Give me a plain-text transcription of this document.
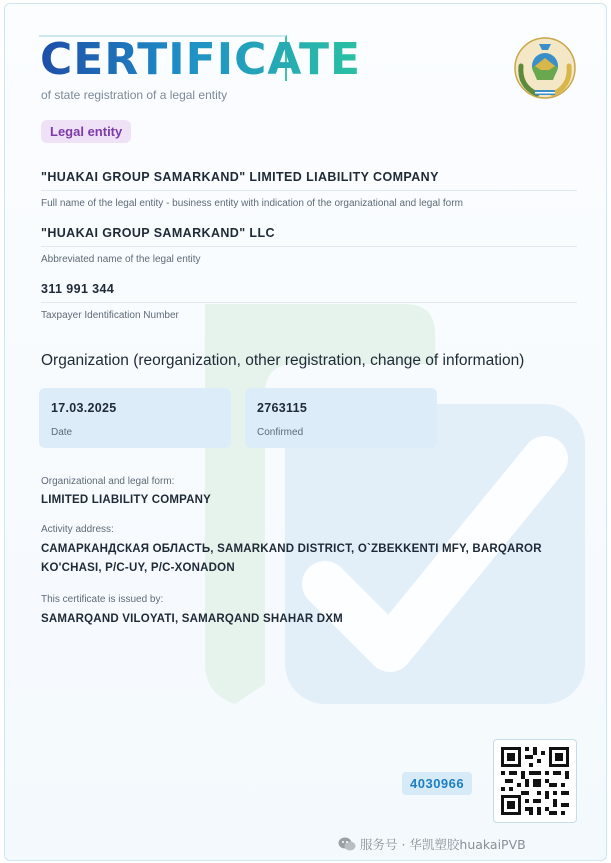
CERTIFICATE
of state registration of a legal entity
Legal entity
"HUAKAI GROUP SAMARKAND" LIMITED LIABILITY COMPANY
Full name of the legal entity - business entity with indication of the organizational and legal form
"HUAKAI GROUP SAMARKAND" LLC
Abbreviated name of the legal entity
311 991 344
Taxpayer Identification Number
Organization (reorganization, other registration, change of information)
17.03.2025
Date
2763115
Confirmed
Organizational and legal form:
LIMITED LIABILITY COMPANY
Activity address:
САМАРКАНДСКАЯ ОБЛАСТЬ, SAMARKAND DISTRICT, O`ZBEKKENTI MFY, BARQAROR
KO'CHASI, P/C-UY, P/C-XONADON
This certificate is issued by:
SAMARQAND VILOYATI, SAMARQAND SHAHAR DXM
4030966
服务号 · 华凯塑胶huakaiPVB
